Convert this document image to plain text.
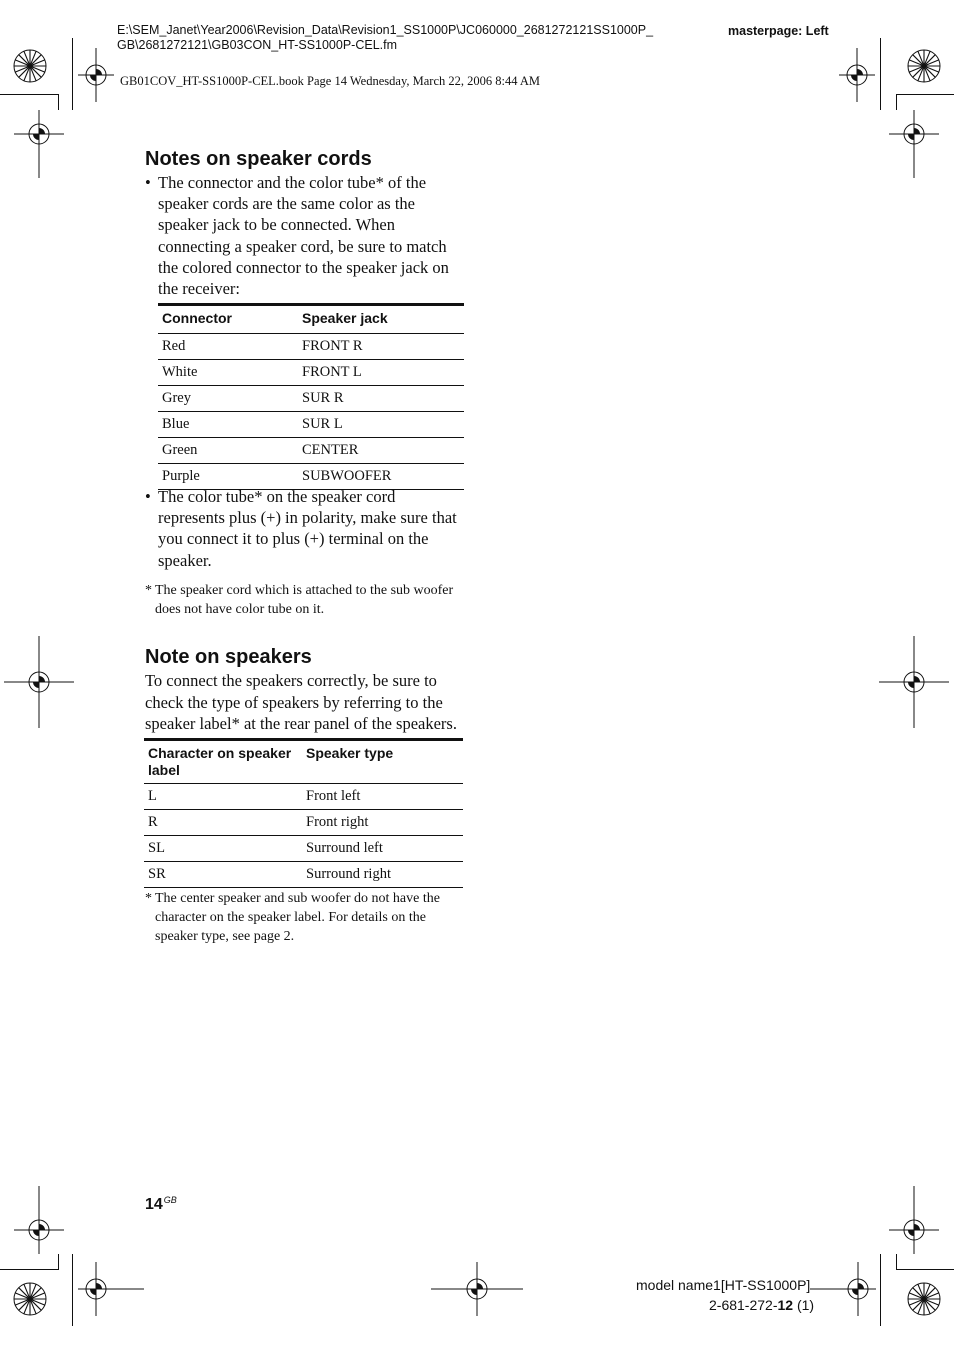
E:\SEM_Janet\Year2006\Revision_Data\Revision1_SS1000P\JC060000_2681272121SS1000P_
GB\2681272121\GB03CON_HT-SS1000P-CEL.fm
masterpage: Left
GB01COV_HT-SS1000P-CEL.book Page 14 Wednesday, March 22, 2006 8:44 AM
Notes on speaker cords
• The connector and the color tube* of the speaker cords are the same color as the speaker jack to be connected. When connecting a speaker cord, be sure to match the colored connector to the speaker jack on the receiver:
Connector	Speaker jack
Red	FRONT R
White	FRONT L
Grey	SUR R
Blue	SUR L
Green	CENTER
Purple	SUBWOOFER
• The color tube* on the speaker cord represents plus (+) in polarity, make sure that you connect it to plus (+) terminal on the speaker.
* The speaker cord which is attached to the sub woofer does not have color tube on it.
Note on speakers
To connect the speakers correctly, be sure to check the type of speakers by referring to the speaker label* at the rear panel of the speakers.
Character on speaker label	Speaker type
L	Front left
R	Front right
SL	Surround left
SR	Surround right
* The center speaker and sub woofer do not have the character on the speaker label. For details on the speaker type, see page 2.
$14^{GB}$
model name1[HT-SS1000P]
2-681-272-12 (1)
